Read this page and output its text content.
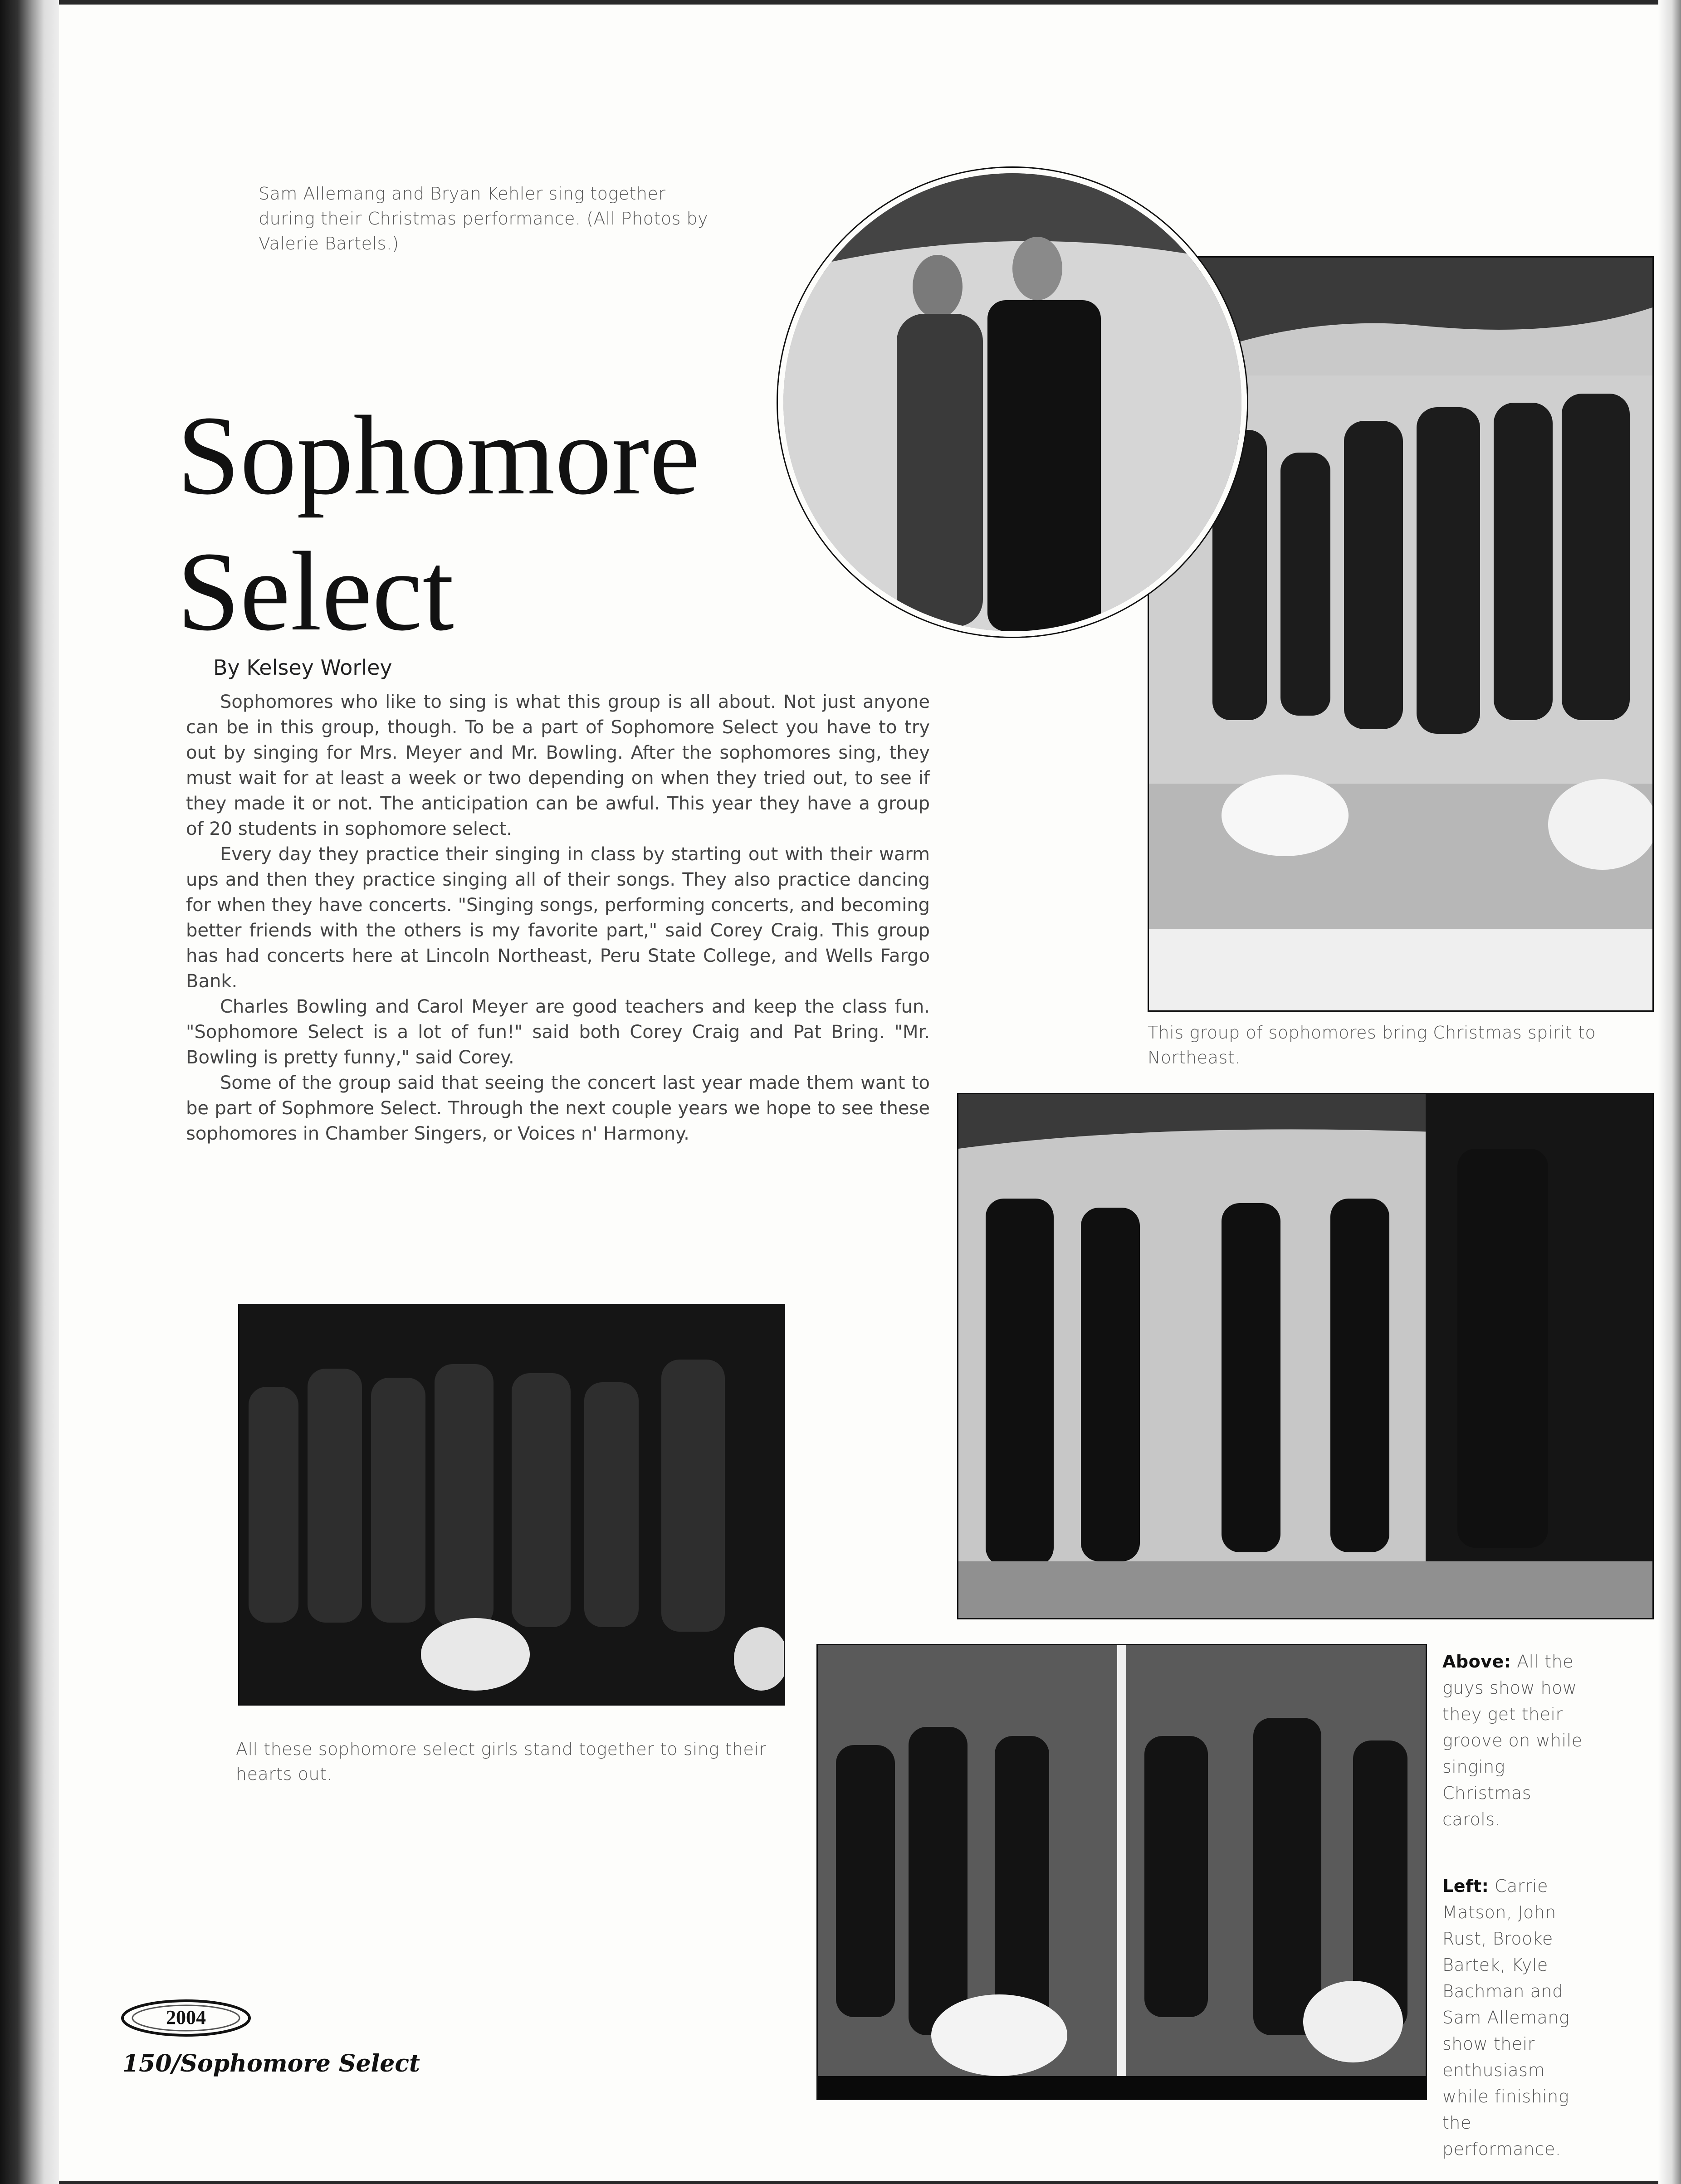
Sam Allemang and Bryan Kehler sing together during their Christmas performance. (All Photos by Valerie Bartels.)
This group of sophomores bring Christmas spirit to Northeast.
Sophomore
Select
By Kelsey Worley

Sophomores who like to sing is what this group is all about. Not just anyone can be in this group, though. To be a part of Sophomore Select you have to try out by singing for Mrs. Meyer and Mr. Bowling. After the sophomores sing, they must wait for at least a week or two depending on when they tried out, to see if they made it or not. The anticipation can be awful. This year they have a group of 20 students in sophomore select.

Every day they practice their singing in class by starting out with their warm ups and then they practice singing all of their songs. They also practice dancing for when they have concerts. "Singing songs, performing concerts, and becoming better friends with the others is my favorite part," said Corey Craig. This group has had concerts here at Lincoln Northeast, Peru State College, and Wells Fargo Bank.

Charles Bowling and Carol Meyer are good teachers and keep the class fun. "Sophomore Select is a lot of fun!" said both Corey Craig and Pat Bring. "Mr. Bowling is pretty funny," said Corey.

Some of the group said that seeing the concert last year made them want to be part of Sophmore Select. Through the next couple years we hope to see these sophomores in Chamber Singers, or Voices n' Harmony.

All these sophomore select girls stand together to sing their hearts out.
Above: All the guys show how they get their groove on while singing Christmas carols.
Left: Carrie Matson, John Rust, Brooke Bartek, Kyle Bachman and Sam Allemang show their enthusiasm while finishing the performance.
2004
150/Sophomore Select
